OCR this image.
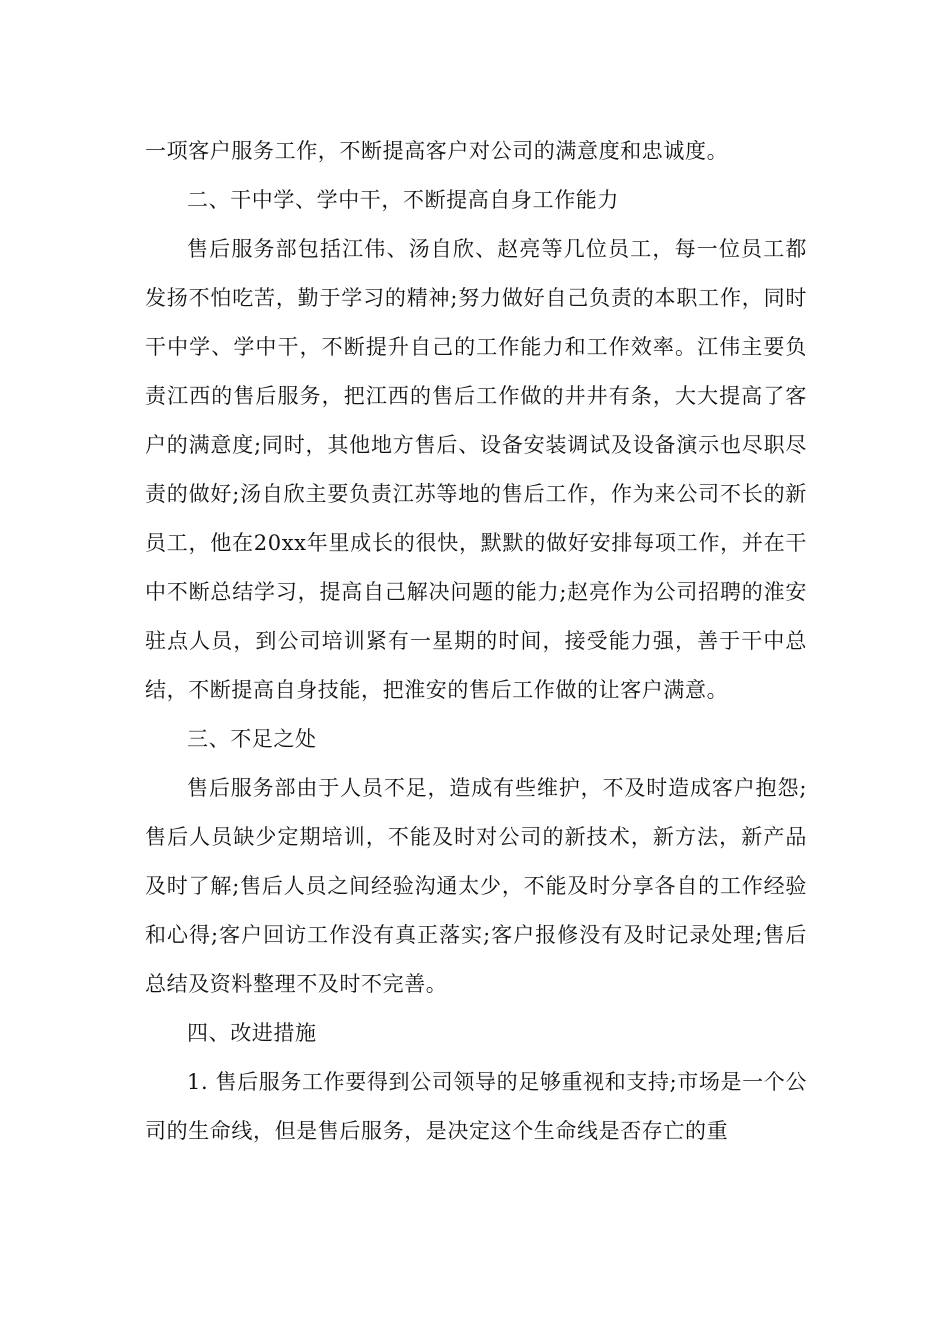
一项客户服务工作，不断提高客户对公司的满意度和忠诚度。

二、干中学、学中干，不断提高自身工作能力

售后服务部包括江伟、汤自欣、赵亮等几位员工，每一位员工都发扬不怕吃苦，勤于学习的精神;努力做好自己负责的本职工作，同时干中学、学中干，不断提升自己的工作能力和工作效率。江伟主要负责江西的售后服务，把江西的售后工作做的井井有条，大大提高了客户的满意度;同时，其他地方售后、设备安装调试及设备演示也尽职尽责的做好;汤自欣主要负责江苏等地的售后工作，作为来公司不长的新员工，他在20xx年里成长的很快，默默的做好安排每项工作，并在干中不断总结学习，提高自己解决问题的能力;赵亮作为公司招聘的淮安驻点人员，到公司培训紧有一星期的时间，接受能力强，善于干中总结，不断提高自身技能，把淮安的售后工作做的让客户满意。

三、不足之处

售后服务部由于人员不足，造成有些维护，不及时造成客户抱怨;售后人员缺少定期培训，不能及时对公司的新技术，新方法，新产品及时了解;售后人员之间经验沟通太少，不能及时分享各自的工作经验和心得;客户回访工作没有真正落实;客户报修没有及时记录处理;售后总结及资料整理不及时不完善。

四、改进措施

1. 售后服务工作要得到公司领导的足够重视和支持;市场是一个公司的生命线，但是售后服务，是决定这个生命线是否存亡的重
